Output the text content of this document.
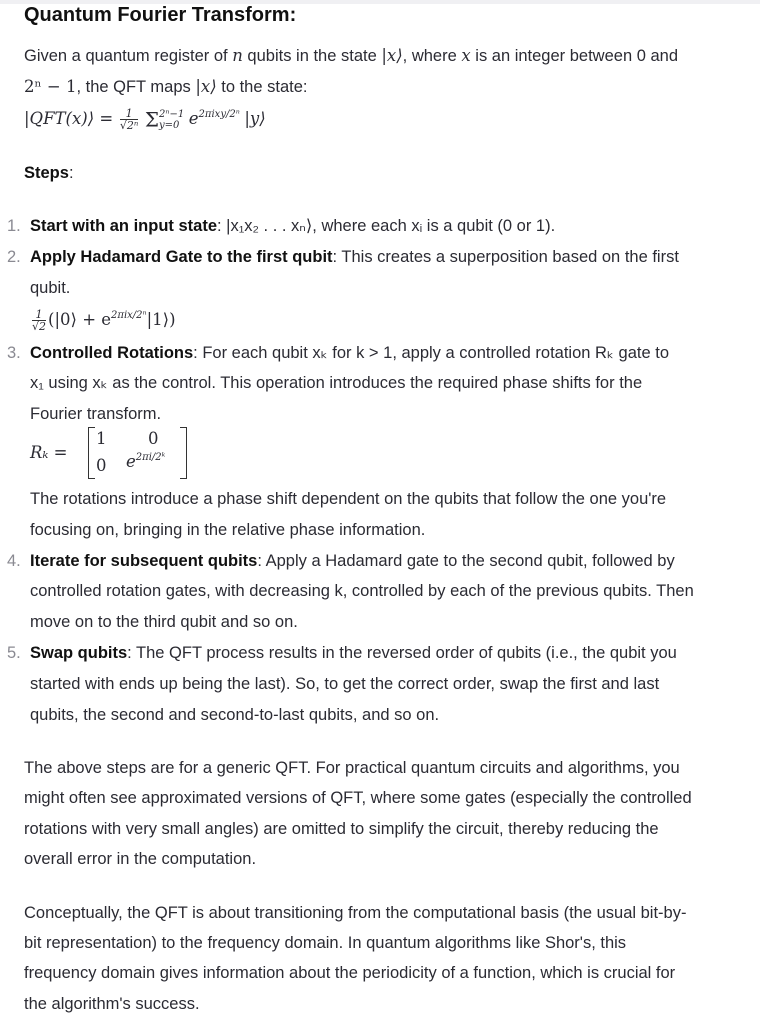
Quantum Fourier Transform:
Given a quantum register of n qubits in the state |x⟩, where x is an integer between 0 and
2ⁿ − 1, the QFT maps |x⟩ to the state:
|QFT(x)⟩ = $\frac{1}{\text{√2ⁿ}}$ Σ 2ⁿ−1
y=0 $e^{2\pi ixy/2^n}$ |y⟩
Steps:
1. Start with an input state: |x₁x₂ . . . xₙ⟩, where each xᵢ is a qubit (0 or 1).
2. Apply Hadamard Gate to the first qubit: This creates a superposition based on the first
qubit.
$\frac{1}{√2}$ (|0⟩ + $e^{2\pi ix/2^n}|1⟩$)
3. Controlled Rotations: For each qubit xₖ for k > 1, apply a controlled rotation Rₖ gate to
x₁ using xₖ as the control. This operation introduces the required phase shifts for the
Fourier transform.
Rₖ =
1	0
0 $e^{2\pi i/2ᵏ}$
The rotations introduce a phase shift dependent on the qubits that follow the one you're
focusing on, bringing in the relative phase information.
4. Iterate for subsequent qubits: Apply a Hadamard gate to the second qubit, followed by
controlled rotation gates, with decreasing k, controlled by each of the previous qubits. Then
move on to the third qubit and so on.
5. Swap qubits: The QFT process results in the reversed order of qubits (i.e., the qubit you
started with ends up being the last). So, to get the correct order, swap the first and last
qubits, the second and second-to-last qubits, and so on.
The above steps are for a generic QFT. For practical quantum circuits and algorithms, you
might often see approximated versions of QFT, where some gates (especially the controlled
rotations with very small angles) are omitted to simplify the circuit, thereby reducing the
overall error in the computation.
Conceptually, the QFT is about transitioning from the computational basis (the usual bit-by-
bit representation) to the frequency domain. In quantum algorithms like Shor's, this
frequency domain gives information about the periodicity of a function, which is crucial for
the algorithm's success.
